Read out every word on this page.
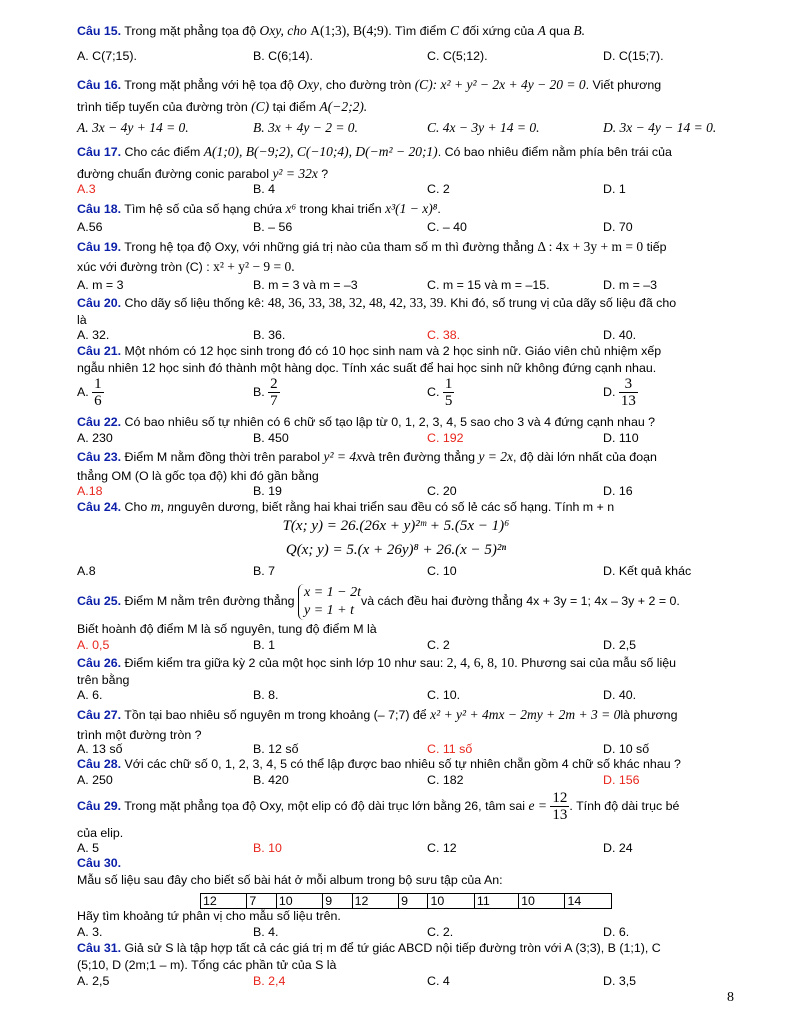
Câu 15. Trong mặt phẳng tọa độ Oxy, cho A(1;3), B(4;9). Tìm điểm C đối xứng của A qua B.
A. C(7;15).	B. C(6;14).	C. C(5;12).	D. C(15;7).
Câu 16. Trong mặt phẳng với hệ tọa độ Oxy, cho đường tròn (C): x² + y² − 2x + 4y − 20 = 0. Viết phương
trình tiếp tuyến của đường tròn (C) tại điểm A(−2;2).
A. 3x − 4y + 14 = 0.	B. 3x + 4y − 2 = 0.	C. 4x − 3y + 14 = 0.	D. 3x − 4y − 14 = 0.
Câu 17. Cho các điểm A(1;0), B(−9;2), C(−10;4), D(−m² − 20;1). Có bao nhiêu điểm nằm phía bên trái của
đường chuẩn đường conic parabol y² = 32x ?
A.3	B. 4	C. 2	D. 1
Câu 18. Tìm hệ số của số hạng chứa x⁶ trong khai triển x³(1 − x)⁸.
A.56	B. – 56	C. – 40	D. 70
Câu 19. Trong hệ tọa độ Oxy, với những giá trị nào của tham số m thì đường thẳng Δ : 4x + 3y + m = 0 tiếp
xúc với đường tròn (C) : x² + y² − 9 = 0.
A. m = 3	B. m = 3 và m = –3	C. m = 15 và m = –15.	D. m = –3
Câu 20. Cho dãy số liệu thống kê: 48, 36, 33, 38, 32, 48, 42, 33, 39. Khi đó, số trung vị của dãy số liệu đã cho
là
A. 32.	B. 36.	C. 38.	D. 40.
Câu 21. Một nhóm có 12 học sinh trong đó có 10 học sinh nam và 2 học sinh nữ. Giáo viên chủ nhiệm xếp
ngẫu nhiên 12 học sinh đó thành một hàng dọc. Tính xác suất để hai học sinh nữ không đứng cạnh nhau.
A. $\frac{1}{6}$	B. $\frac{2}{7}$	C. $\frac{1}{5}$	D. $\frac{3}{13}$
Câu 22. Có bao nhiêu số tự nhiên có 6 chữ số tạo lập từ 0, 1, 2, 3, 4, 5 sao cho 3 và 4 đứng cạnh nhau ?
A. 230	B. 450	C. 192	D. 110
Câu 23. Điểm M nằm đồng thời trên parabol y² = 4xvà trên đường thẳng y = 2x, độ dài lớn nhất của đoạn
thẳng OM (O là gốc tọa độ) khi đó gần bằng
A.18	B. 19	C. 20	D. 16
Câu 24. Cho m, nnguyên dương, biết rằng hai khai triển sau đều có số lẻ các số hạng. Tính m + n
T(x; y) = 26.(26x + y)²ᵐ + 5.(5x − 1)⁶
Q(x; y) = 5.(x + 26y)⁸ + 26.(x − 5)²ⁿ
A.8	B. 7	C. 10	D. Kết quả khác
Câu 25. Điểm M nằm trên đường thẳng x = 1 − 2t
y = 1 + tvà cách đều hai đường thẳng 4x + 3y = 1; 4x – 3y + 2 = 0.
Biết hoành độ điểm M là số nguyên, tung độ điểm M là
A. 0,5	B. 1	C. 2	D. 2,5
Câu 26. Điểm kiểm tra giữa kỳ 2 của một học sinh lớp 10 như sau: 2, 4, 6, 8, 10. Phương sai của mẫu số liệu
trên bằng
A. 6.	B. 8.	C. 10.	D. 40.
Câu 27. Tồn tại bao nhiêu số nguyên m trong khoảng (– 7;7) để x² + y² + 4mx − 2my + 2m + 3 = 0là phương
trình một đường tròn ?
A. 13 số	B. 12 số	C. 11 số	D. 10 số
Câu 28. Với các chữ số 0, 1, 2, 3, 4, 5 có thể lập được bao nhiêu số tự nhiên chẵn gồm 4 chữ số khác nhau ?
A. 250	B. 420	C. 182	D. 156
Câu 29. Trong mặt phẳng tọa độ Oxy, một elip có độ dài trục lớn bằng 26, tâm sai $e = \frac{12}{13}$ . Tính độ dài trục bé
của elip.
A. 5	B. 10	C. 12	D. 24
Câu 30.
Mẫu số liệu sau đây cho biết số bài hát ở mỗi album trong bộ sưu tập của An:
12	7	10	9	12	9	10	11	10	14
Hãy tìm khoảng tứ phân vị cho mẫu số liệu trên.
A. 3.	B. 4.	C. 2.	D. 6.
Câu 31. Giả sử S là tập hợp tất cả các giá trị m để tứ giác ABCD nội tiếp đường tròn với A (3;3), B (1;1), C
(5;10, D (2m;1 – m). Tổng các phần tử của S là
A. 2,5	B. 2,4	C. 4	D. 3,5
8
